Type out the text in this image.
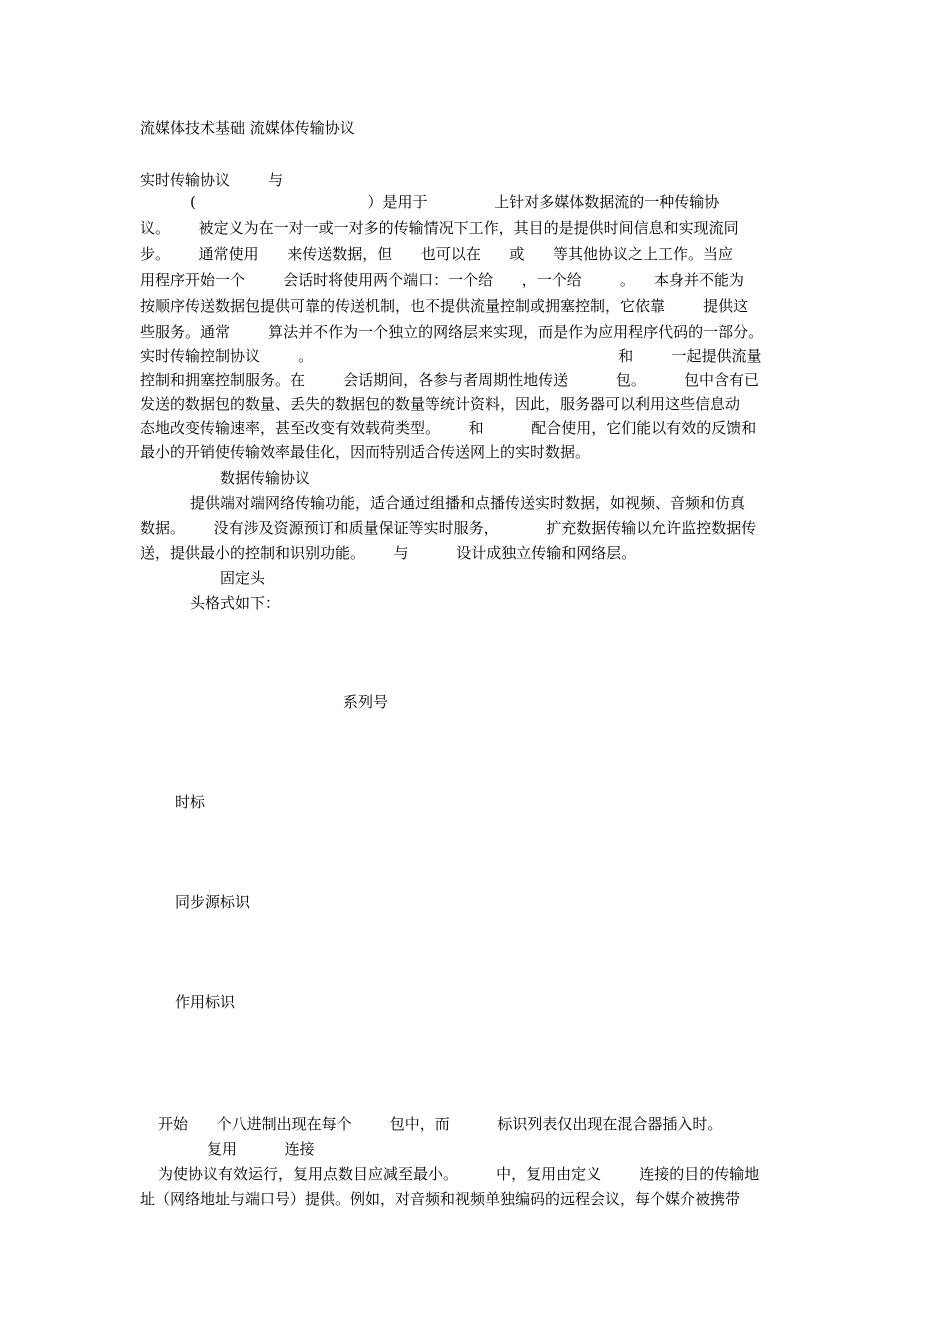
流媒体技术基础 流媒体传输协议
实时传输协议        与
(                                    ）是用于              上针对多媒体数据流的一种传输协
议。      被定义为在一对一或一对多的传输情况下工作，其目的是提供时间信息和实现流同
步。      通常使用      来传送数据，但      也可以在      或      等其他协议之上工作。当应
用程序开始一个        会话时将使用两个端口：一个给      ，一个给        。    本身并不能为
按顺序传送数据包提供可靠的传送机制，也不提供流量控制或拥塞控制，它依靠        提供这
些服务。通常        算法并不作为一个独立的网络层来实现，而是作为应用程序代码的一部分。
实时传输控制协议        。                                                                和        一起提供流量
控制和拥塞控制服务。在        会话期间，各参与者周期性地传送          包。        包中含有已
发送的数据包的数量、丢失的数据包的数量等统计资料，因此，服务器可以利用这些信息动
态地改变传输速率，甚至改变有效载荷类型。      和          配合使用，它们能以有效的反馈和
最小的开销使传输效率最佳化，因而特别适合传送网上的实时数据。
数据传输协议
提供端对端网络传输功能，适合通过组播和点播传送实时数据，如视频、音频和仿真
数据。      没有涉及资源预订和质量保证等实时服务，          扩充数据传输以允许监控数据传
送，提供最小的控制和识别功能。      与          设计成独立传输和网络层。
固定头
头格式如下：
系列号
时标
同步源标识
作用标识
开始      个八进制出现在每个        包中，而          标识列表仅出现在混合器插入时。
复用          连接
为使协议有效运行，复用点数目应减至最小。        中，复用由定义        连接的目的传输地
址（网络地址与端口号）提供。例如，对音频和视频单独编码的远程会议，每个媒介被携带
